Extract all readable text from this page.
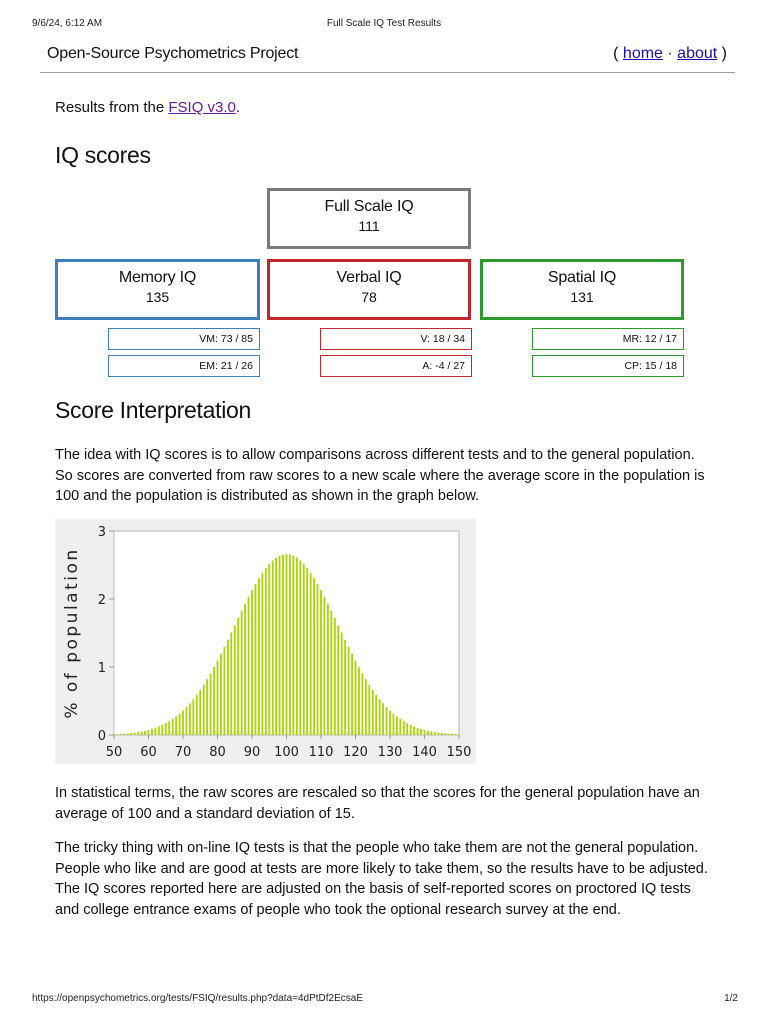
9/6/24, 6:12 AM	Full Scale IQ Test Results
Open-Source Psychometrics Project	( home · about )
Results from the FSIQ v3.0.
IQ scores
Full Scale IQ
111
Memory IQ
135
Verbal IQ
78
Spatial IQ
131
VM: 73 / 85
EM: 21 / 26
V: 18 / 34
A: -4 / 27
MR: 12 / 17
CP: 15 / 18
Score Interpretation

The idea with IQ scores is to allow comparisons across different tests and to the general population. So scores are converted from raw scores to a new scale where the average score in the population is 100 and the population is distributed as shown in the graph below.

0
1
2
3
50 60 70 80 90 100 110 120 130 140 150
% of population

In statistical terms, the raw scores are rescaled so that the scores for the general population have an average of 100 and a standard deviation of 15.

The tricky thing with on-line IQ tests is that the people who take them are not the general population. People who like and are good at tests are more likely to take them, so the results have to be adjusted. The IQ scores reported here are adjusted on the basis of self-reported scores on proctored IQ tests and college entrance exams of people who took the optional research survey at the end.

https://openpsychometrics.org/tests/FSIQ/results.php?data=4dPtDf2EcsaE	1/2
